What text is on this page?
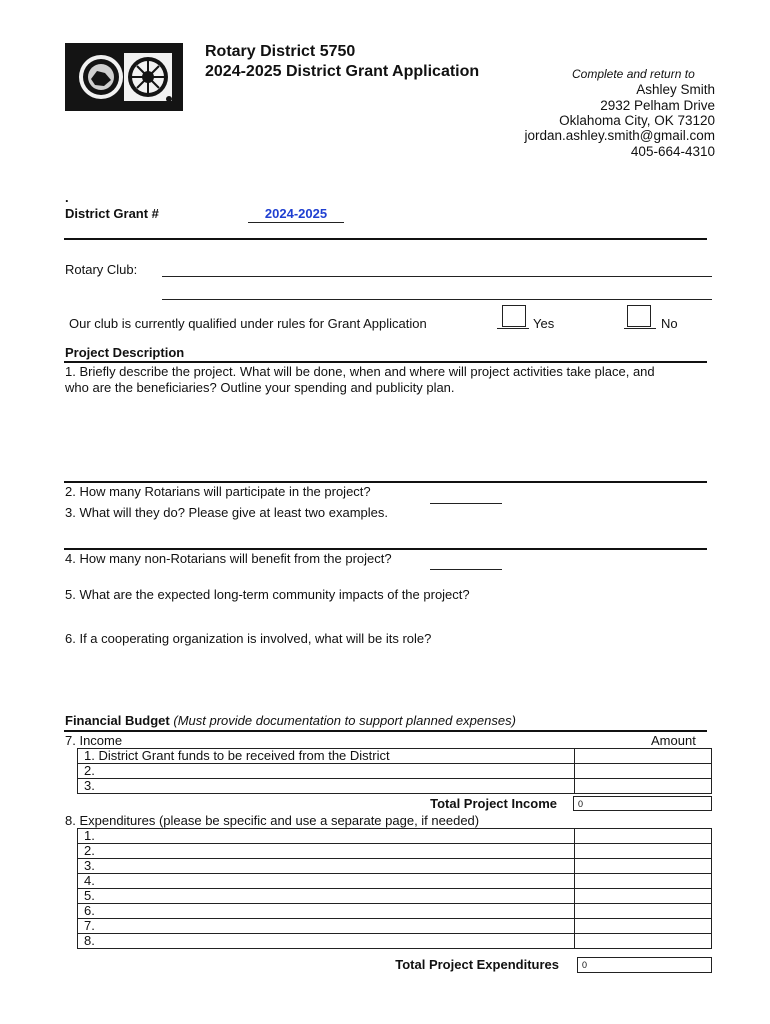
Rotary District 5750
2024-2025 District Grant Application	Complete and return to
Ashley Smith
2932 Pelham Drive
Oklahoma City, OK 73120
jordan.ashley.smith@gmail.com
405-664-4310
.
District Grant #	2024-2025
Rotary Club:
Our club is currently qualified under rules for Grant Application	Yes	No
Project Description
1. Briefly describe the project. What will be done, when and where will project activities take place, and
who are the beneficiaries? Outline your spending and publicity plan.
2. How many Rotarians will participate in the project?
3. What will they do? Please give at least two examples.
4. How many non-Rotarians will benefit from the project?
5. What are the expected long-term community impacts of the project?
6. If a cooperating organization is involved, what will be its role?
Financial Budget (Must provide documentation to support planned expenses)
7. Income	Amount
1. District Grant funds to be received from the District	
2.	
3.	
Total Project Income	0
8. Expenditures (please be specific and use a separate page, if needed)
1.	
2.	
3.	
4.	
5.	
6.	
7.	
8.	
Total Project Expenditures	0
